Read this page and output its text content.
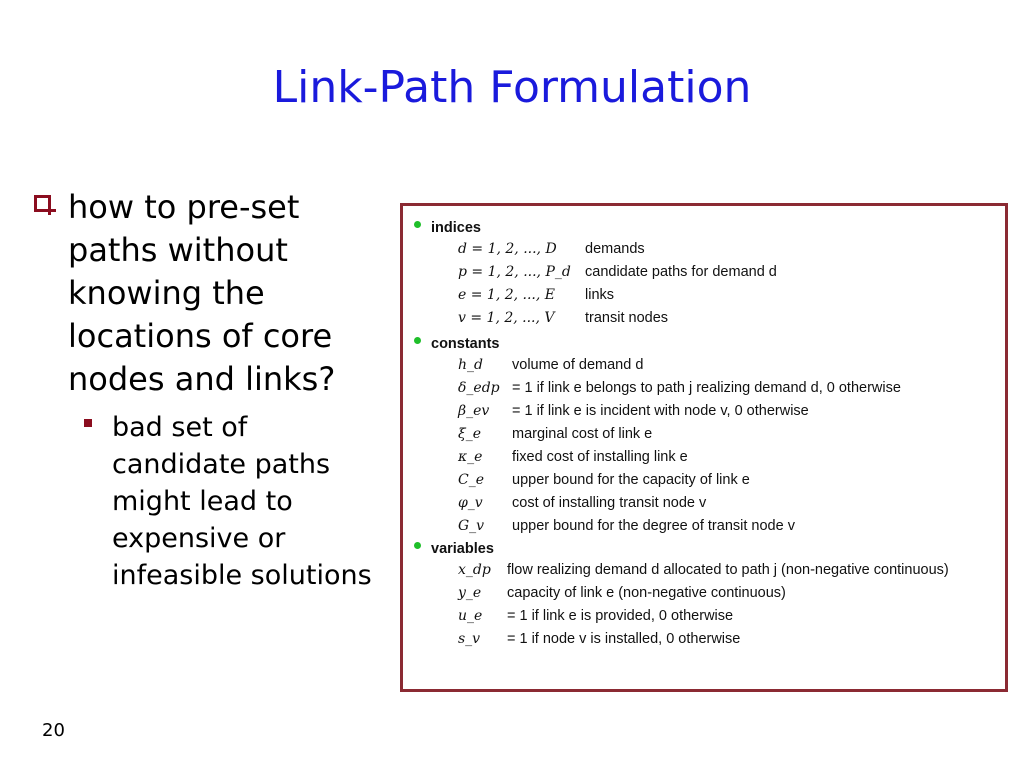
Link-Path Formulation
how to pre-set paths without knowing the locations of core nodes and links?
bad set of candidate paths might lead to expensive or infeasible solutions
indices
d = 1, 2, ..., D demands
p = 1, 2, ..., P_d candidate paths for demand d
e = 1, 2, ..., E links
v = 1, 2, ..., V transit nodes
constants
h_d volume of demand d
δ_edp = 1 if link e belongs to path j realizing demand d, 0 otherwise
β_ev = 1 if link e is incident with node v, 0 otherwise
ξ_e marginal cost of link e
κ_e fixed cost of installing link e
C_e upper bound for the capacity of link e
φ_v cost of installing transit node v
G_v upper bound for the degree of transit node v
variables
x_dp flow realizing demand d allocated to path j (non-negative continuous)
y_e capacity of link e (non-negative continuous)
u_e = 1 if link e is provided, 0 otherwise
s_v = 1 if node v is installed, 0 otherwise
20
